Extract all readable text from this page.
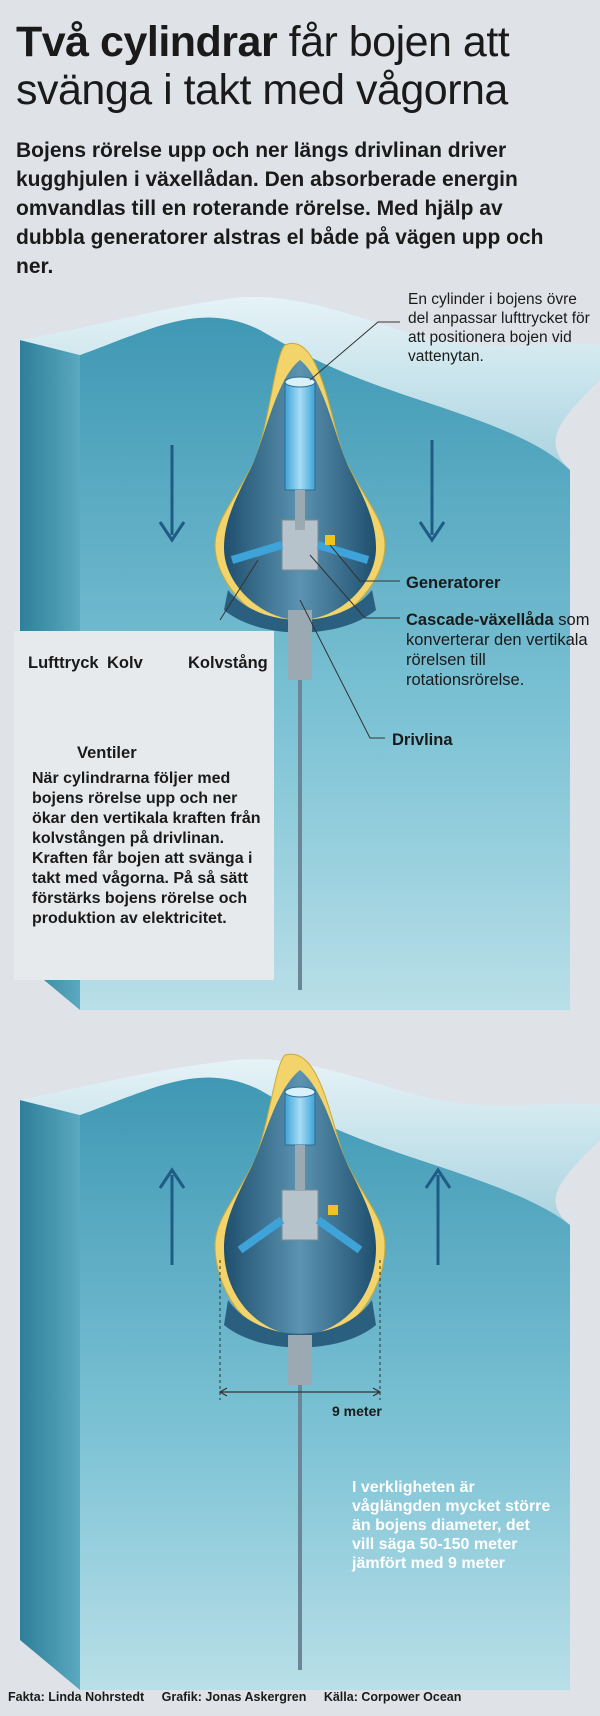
Två cylindrar får bojen att
svänga i takt med vågorna
Bojens rörelse upp och ner längs drivlinan driver kugghjulen i växellådan. Den absorberade energin omvandlas till en roterande rörelse. Med hjälp av dubbla generatorer alstras el både på vägen upp och ner.
En cylinder i bojens övre del anpassar lufttrycket för att positionera bojen vid vattenytan.
Generatorer
Cascade-växellåda som konverterar den vertikala rörelsen till rotationsrörelse.
Drivlina
När cylindrarna följer med bojens rörelse upp och ner ökar den vertikala kraften från kolvstången på drivlinan. Kraften får bojen att svänga i takt med vågorna. På så sätt förstärks bojens rörelse och produktion av elektricitet.
Lufttryck Kolv	Kolvstång
Ventiler
9 meter
I verkligheten är våglängden mycket större än bojens diameter, det vill säga 50-150 meter jämfört med 9 meter
Fakta: Linda Nohrstedt Grafik: Jonas Askergren Källa: Corpower Ocean
